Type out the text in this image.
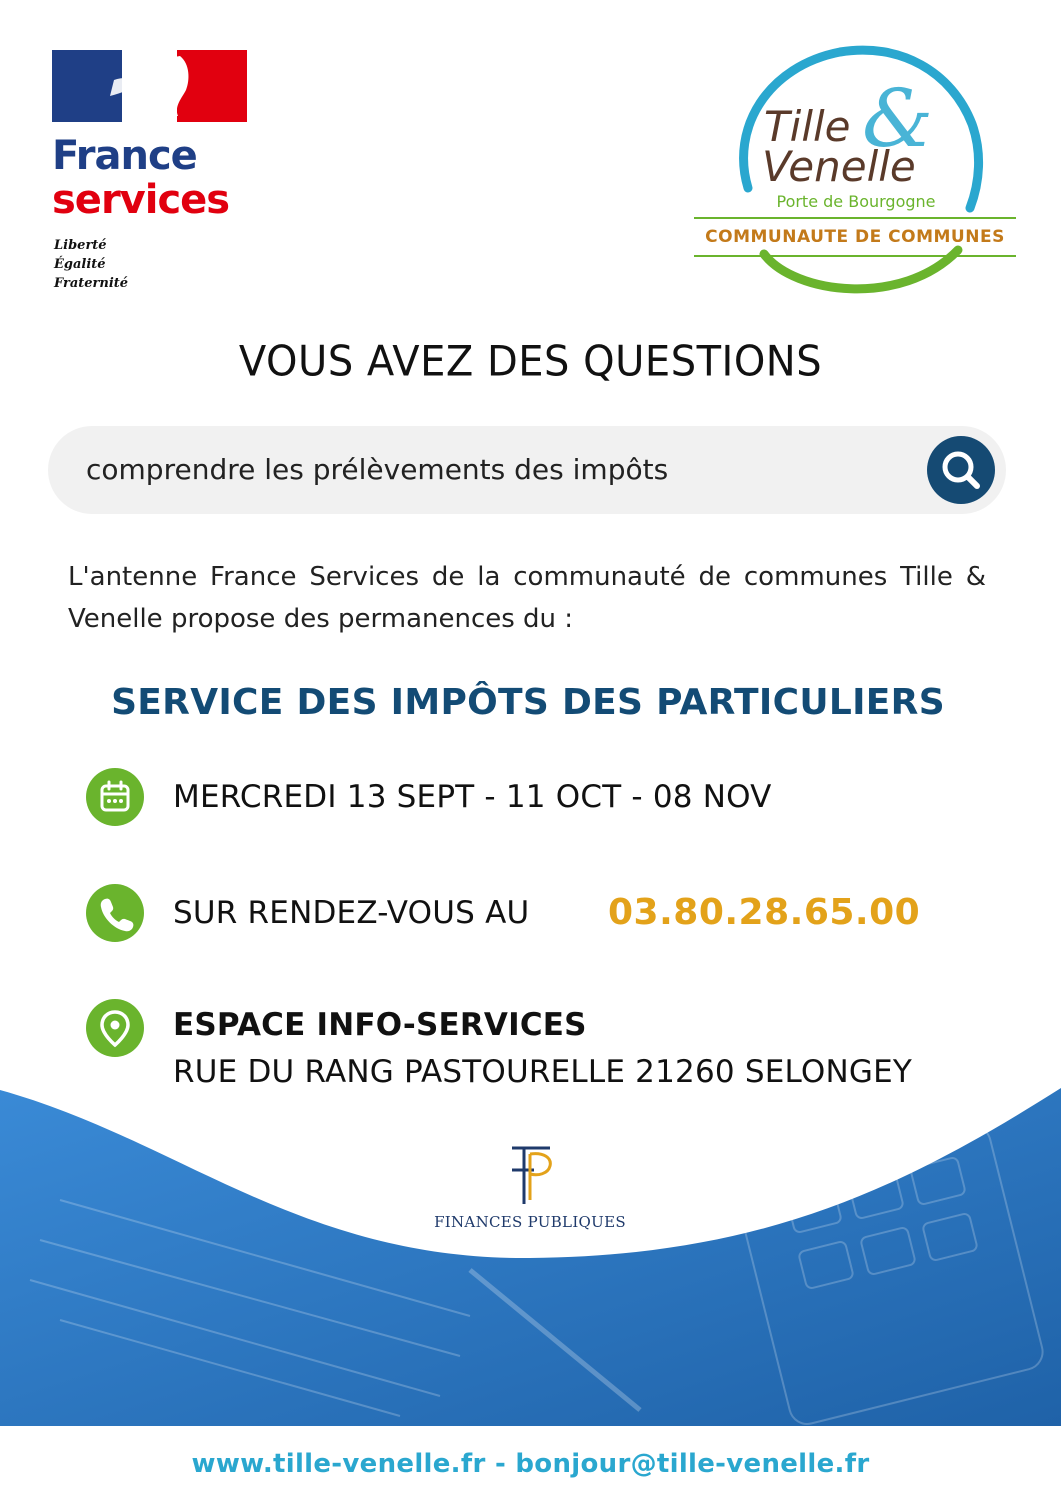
France
services
Liberté
Égalité
Fraternité
Tille &
Venelle
Porte de Bourgogne
COMMUNAUTE DE COMMUNES
VOUS AVEZ DES QUESTIONS
comprendre les prélèvements des impôts
L'antenne France Services de la communauté de communes Tille & Venelle propose des permanences du :
SERVICE DES IMPÔTS DES PARTICULIERS
MERCREDI 13 SEPT - 11 OCT - 08 NOV
SUR RENDEZ-VOUS AU 03.80.28.65.00
ESPACE INFO-SERVICES
RUE DU RANG PASTOURELLE 21260 SELONGEY
FINANCES PUBLIQUES
www.tille-venelle.fr - bonjour@tille-venelle.fr
